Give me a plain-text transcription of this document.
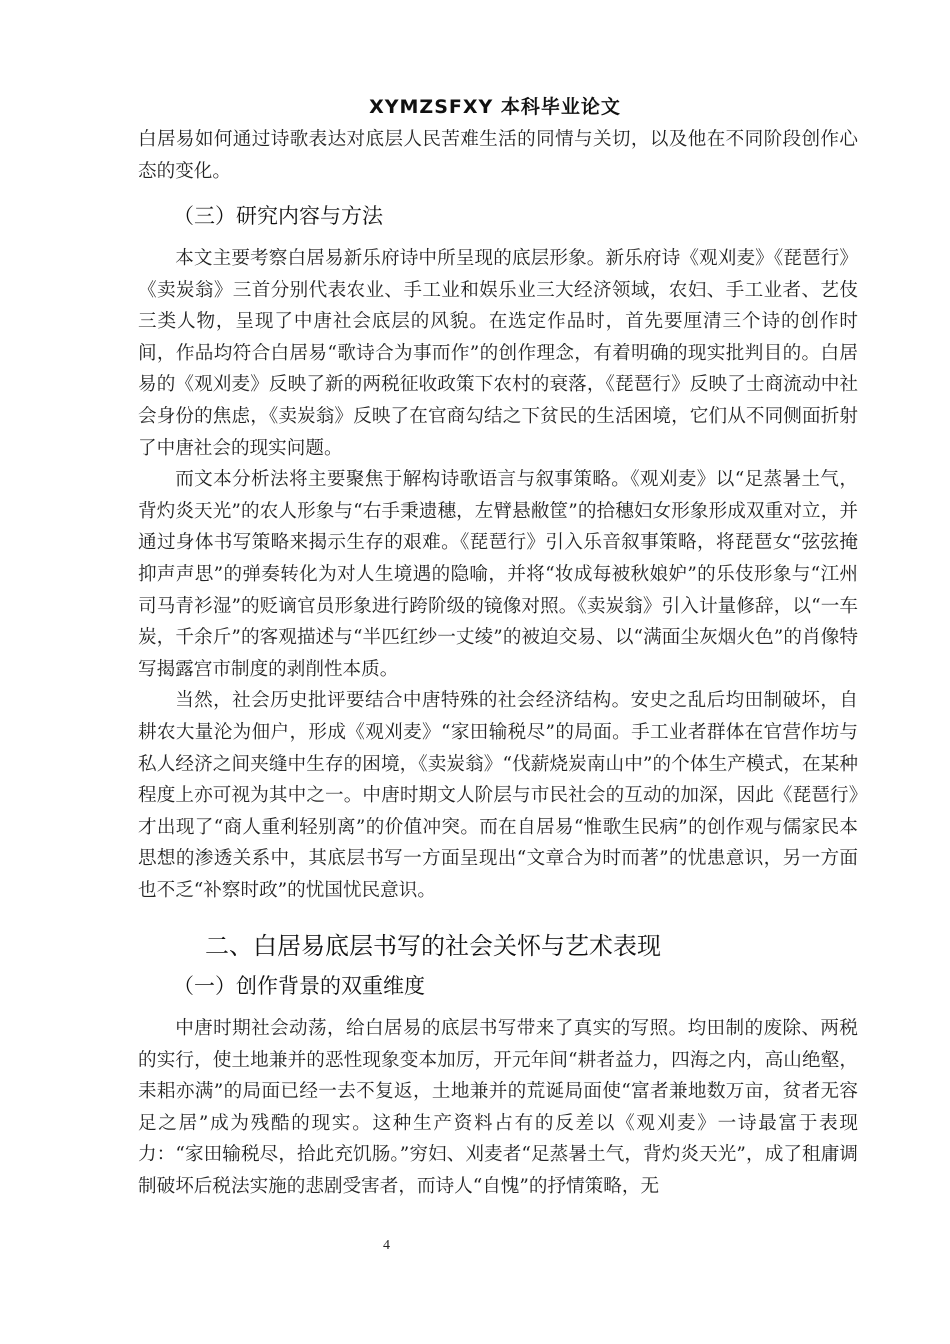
XYMZSFXY 本科毕业论文

白居易如何通过诗歌表达对底层人民苦难生活的同情与关切，以及他在不同阶段创作心态的变化。

（三）研究内容与方法

本文主要考察白居易新乐府诗中所呈现的底层形象。新乐府诗《观刈麦》《琵琶行》《卖炭翁》三首分别代表农业、手工业和娱乐业三大经济领域，农妇、手工业者、艺伎三类人物，呈现了中唐社会底层的风貌。在选定作品时，首先要厘清三个诗的创作时间，作品均符合白居易“歌诗合为事而作”的创作理念，有着明确的现实批判目的。白居易的《观刈麦》反映了新的两税征收政策下农村的衰落，《琵琶行》反映了士商流动中社会身份的焦虑，《卖炭翁》反映了在官商勾结之下贫民的生活困境，它们从不同侧面折射了中唐社会的现实问题。

而文本分析法将主要聚焦于解构诗歌语言与叙事策略。《观刈麦》以“足蒸暑土气，背灼炎天光”的农人形象与“右手秉遗穗，左臂悬敝筐”的拾穗妇女形象形成双重对立，并通过身体书写策略来揭示生存的艰难。《琵琶行》引入乐音叙事策略，将琵琶女“弦弦掩抑声声思”的弹奏转化为对人生境遇的隐喻，并将“妆成每被秋娘妒”的乐伎形象与“江州司马青衫湿”的贬谪官员形象进行跨阶级的镜像对照。《卖炭翁》引入计量修辞，以“一车炭，千余斤”的客观描述与“半匹红纱一丈绫”的被迫交易、以“满面尘灰烟火色”的肖像特写揭露宫市制度的剥削性本质。

当然，社会历史批评要结合中唐特殊的社会经济结构。安史之乱后均田制破坏，自耕农大量沦为佃户，形成《观刈麦》“家田输税尽”的局面。手工业者群体在官营作坊与私人经济之间夹缝中生存的困境，《卖炭翁》“伐薪烧炭南山中”的个体生产模式，在某种程度上亦可视为其中之一。中唐时期文人阶层与市民社会的互动的加深，因此《琵琶行》才出现了“商人重利轻别离”的价值冲突。而在自居易“惟歌生民病”的创作观与儒家民本思想的渗透关系中，其底层书写一方面呈现出“文章合为时而著”的忧患意识，另一方面也不乏“补察时政”的忧国忧民意识。

二、白居易底层书写的社会关怀与艺术表现
（一）创作背景的双重维度

中唐时期社会动荡，给白居易的底层书写带来了真实的写照。均田制的废除、两税的实行，使土地兼并的恶性现象变本加厉，开元年间“耕者益力，四海之内，高山绝壑，耒耜亦满”的局面已经一去不复返，土地兼并的荒诞局面使“富者兼地数万亩，贫者无容足之居”成为残酷的现实。这种生产资料占有的反差以《观刈麦》一诗最富于表现力：“家田输税尽，拾此充饥肠。”穷妇、刈麦者“足蒸暑土气，背灼炎天光”，成了租庸调制破坏后税法实施的悲剧受害者，而诗人“自愧”的抒情策略，无

4
